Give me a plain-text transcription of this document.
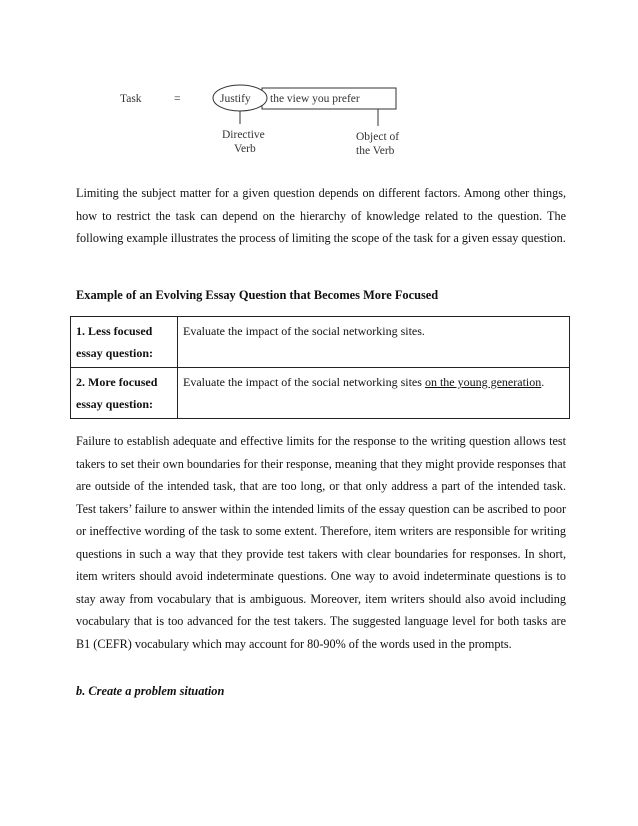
Task	=	Justify the view you prefer
Directive
Verb
Object of
the Verb

Limiting the subject matter for a given question depends on different factors. Among other things, how to restrict the task can depend on the hierarchy of knowledge related to the question. The following example illustrates the process of limiting the scope of the task for a given essay question.

Example of an Evolving Essay Question that Becomes More Focused

1. Less focused
essay question:	Evaluate the impact of the social networking sites.
2. More focused
essay question:	Evaluate the impact of the social networking sites on the young generation.

Failure to establish adequate and effective limits for the response to the writing question allows test takers to set their own boundaries for their response, meaning that they might provide responses that are outside of the intended task, that are too long, or that only address a part of the intended task. Test takers’ failure to answer within the intended limits of the essay question can be ascribed to poor or ineffective wording of the task to some extent. Therefore, item writers are responsible for writing questions in such a way that they provide test takers with clear boundaries for responses. In short, item writers should avoid indeterminate questions. One way to avoid indeterminate questions is to stay away from vocabulary that is ambiguous. Moreover, item writers should also avoid including vocabulary that is too advanced for the test takers. The suggested language level for both tasks are B1 (CEFR) vocabulary which may account for 80-90% of the words used in the prompts.

b. Create a problem situation
